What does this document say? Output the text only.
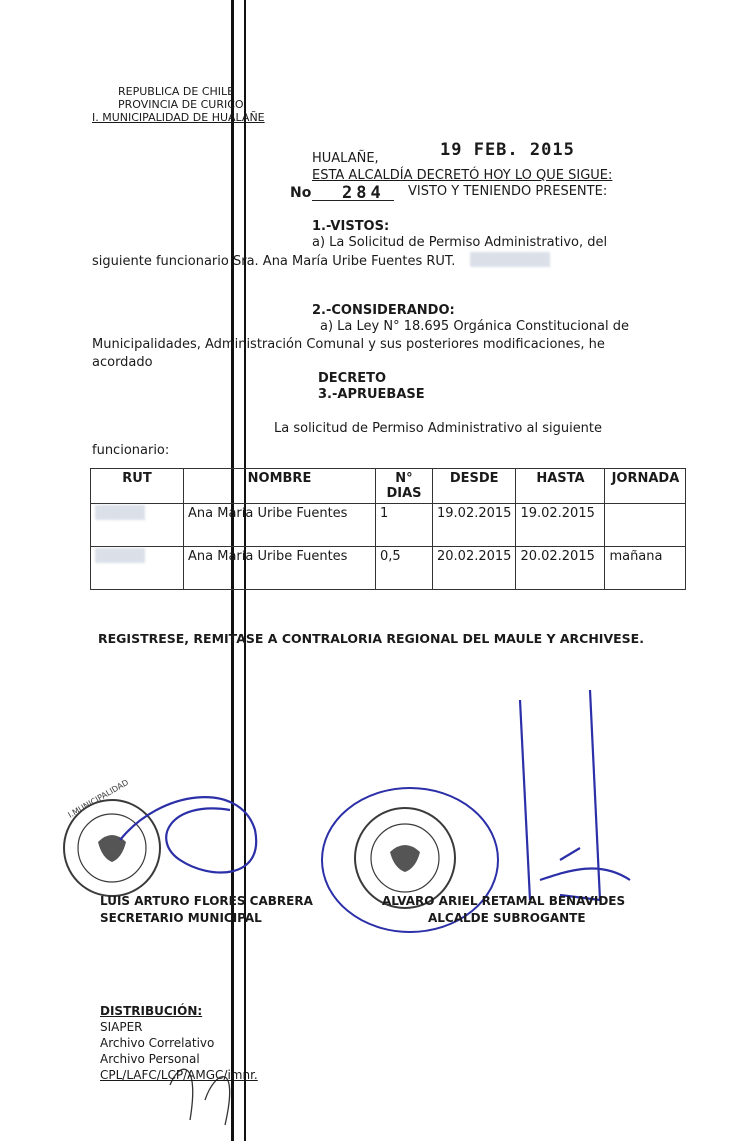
REPUBLICA DE CHILE
PROVINCIA DE CURICO
I. MUNICIPALIDAD DE HUALAÑE
HUALAÑE,	19 FEB. 2015
ESTA ALCALDÍA DECRETÓ HOY LO QUE SIGUE:
No 284 VISTO Y TENIENDO PRESENTE:
1.-VISTOS:
a) La Solicitud de Permiso Administrativo, del
siguiente funcionario Sra. Ana María Uribe Fuentes RUT. ▒▒▒▒▒▒▒▒
2.-CONSIDERANDO:
a) La Ley N° 18.695 Orgánica Constitucional de
Municipalidades, Administración Comunal y sus posteriores modificaciones, he
acordado
DECRETO
3.-APRUEBASE
La solicitud de Permiso Administrativo al siguiente
funcionario:
RUT	NOMBRE	N° DIAS	DESDE	HASTA	JORNADA
▒▒▒▒▒	Ana María Uribe Fuentes	1	19.02.2015	19.02.2015	
▒▒▒▒▒	Ana María Uribe Fuentes	0,5	20.02.2015	20.02.2015	mañana
REGISTRESE, REMITASE A CONTRALORIA REGIONAL DEL MAULE Y ARCHIVESE.
I.MUNICIPALIDAD
LUIS ARTURO FLORES CABRERA
SECRETARIO MUNICIPAL
ALVARO ARIEL RETAMAL BENAVIDES
ALCALDE SUBROGANTE
DISTRIBUCIÓN:
SIAPER
Archivo Correlativo
Archivo Personal
CPL/LAFC/LCP/AMGC/imnr.
